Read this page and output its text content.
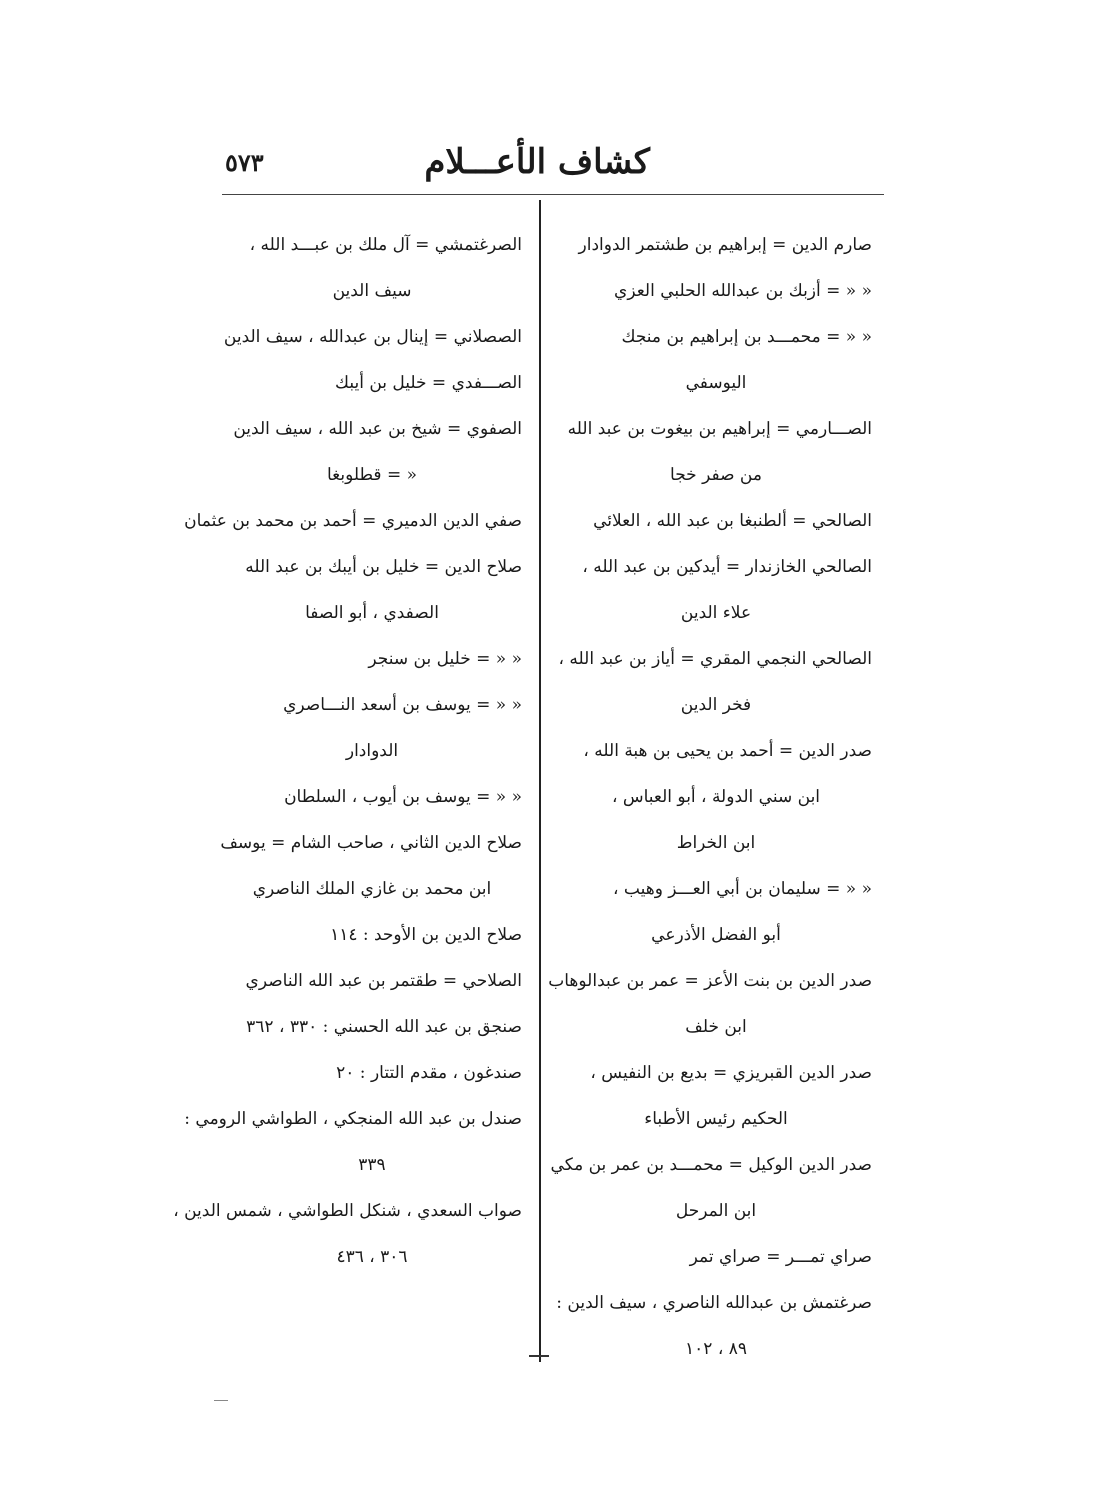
كشاف الأعـــلام
٥٧٣
صارم الدين = إبراهيم بن طشتمر الدوادار
« « = أزبك بن عبدالله الحلبي العزي
« « = محمـــد بن إبراهيم بن منجك
اليوسفي
الصـــارمي = إبراهيم بن بيغوت بن عبد الله
من صفر خجا
الصالحي = ألطنبغا بن عبد الله ، العلائي
الصالحي الخازندار = أيدكين بن عبد الله ،
علاء الدين
الصالحي النجمي المقري = أياز بن عبد الله ،
فخر الدين
صدر الدين = أحمد بن يحيى بن هبة الله ،
ابن سني الدولة ، أبو العباس ،
ابن الخراط
« « = سليمان بن أبي العـــز وهيب ،
أبو الفضل الأذرعي
صدر الدين بن بنت الأعز = عمر بن عبدالوهاب
ابن خلف
صدر الدين القبريزي = بديع بن النفيس ،
الحكيم رئيس الأطباء
صدر الدين الوكيل = محمـــد بن عمر بن مكي
ابن المرحل
صراي تمـــر = صراي تمر
صرغتمش بن عبدالله الناصري ، سيف الدين :
٨٩ ، ١٠٢
الصرغتمشي = آل ملك بن عبـــد الله ،
سيف الدين
الصصلاني = إينال بن عبدالله ، سيف الدين
الصـــفدي = خليل بن أيبك
الصفوي = شيخ بن عبد الله ، سيف الدين
« = قطلوبغا
صفي الدين الدميري = أحمد بن محمد بن عثمان
صلاح الدين = خليل بن أيبك بن عبد الله
الصفدي ، أبو الصفا
« « = خليل بن سنجر
« « = يوسف بن أسعد النـــاصري
الدوادار
« « = يوسف بن أيوب ، السلطان
صلاح الدين الثاني ، صاحب الشام = يوسف
ابن محمد بن غازي الملك الناصري
صلاح الدين بن الأوحد : ١١٤
الصلاحي = طقتمر بن عبد الله الناصري
صنجق بن عبد الله الحسني : ٣٣٠ ، ٣٦٢
صندغون ، مقدم التتار : ٢٠
صندل بن عبد الله المنجكي ، الطواشي الرومي :
٣٣٩
صواب السعدي ، شنكل الطواشي ، شمس الدين ،
٣٠٦ ، ٤٣٦
